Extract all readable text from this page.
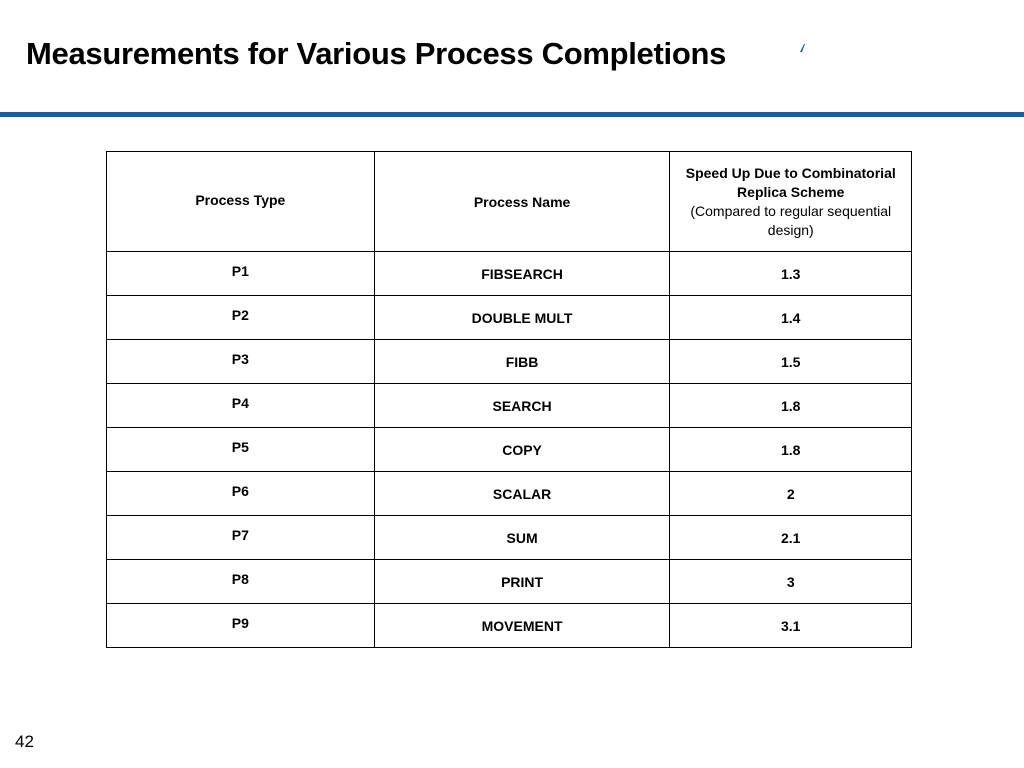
Measurements for Various Process Completions
Process Type	Process Name	Speed Up Due to Combinatorial
Replica Scheme
(Compared to regular sequential design)

P1	FIBSEARCH	1.3
P2	DOUBLE MULT	1.4
P3	FIBB	1.5
P4	SEARCH	1.8
P5	COPY	1.8
P6	SCALAR	2
P7	SUM	2.1
P8	PRINT	3
P9	MOVEMENT	3.1
42
